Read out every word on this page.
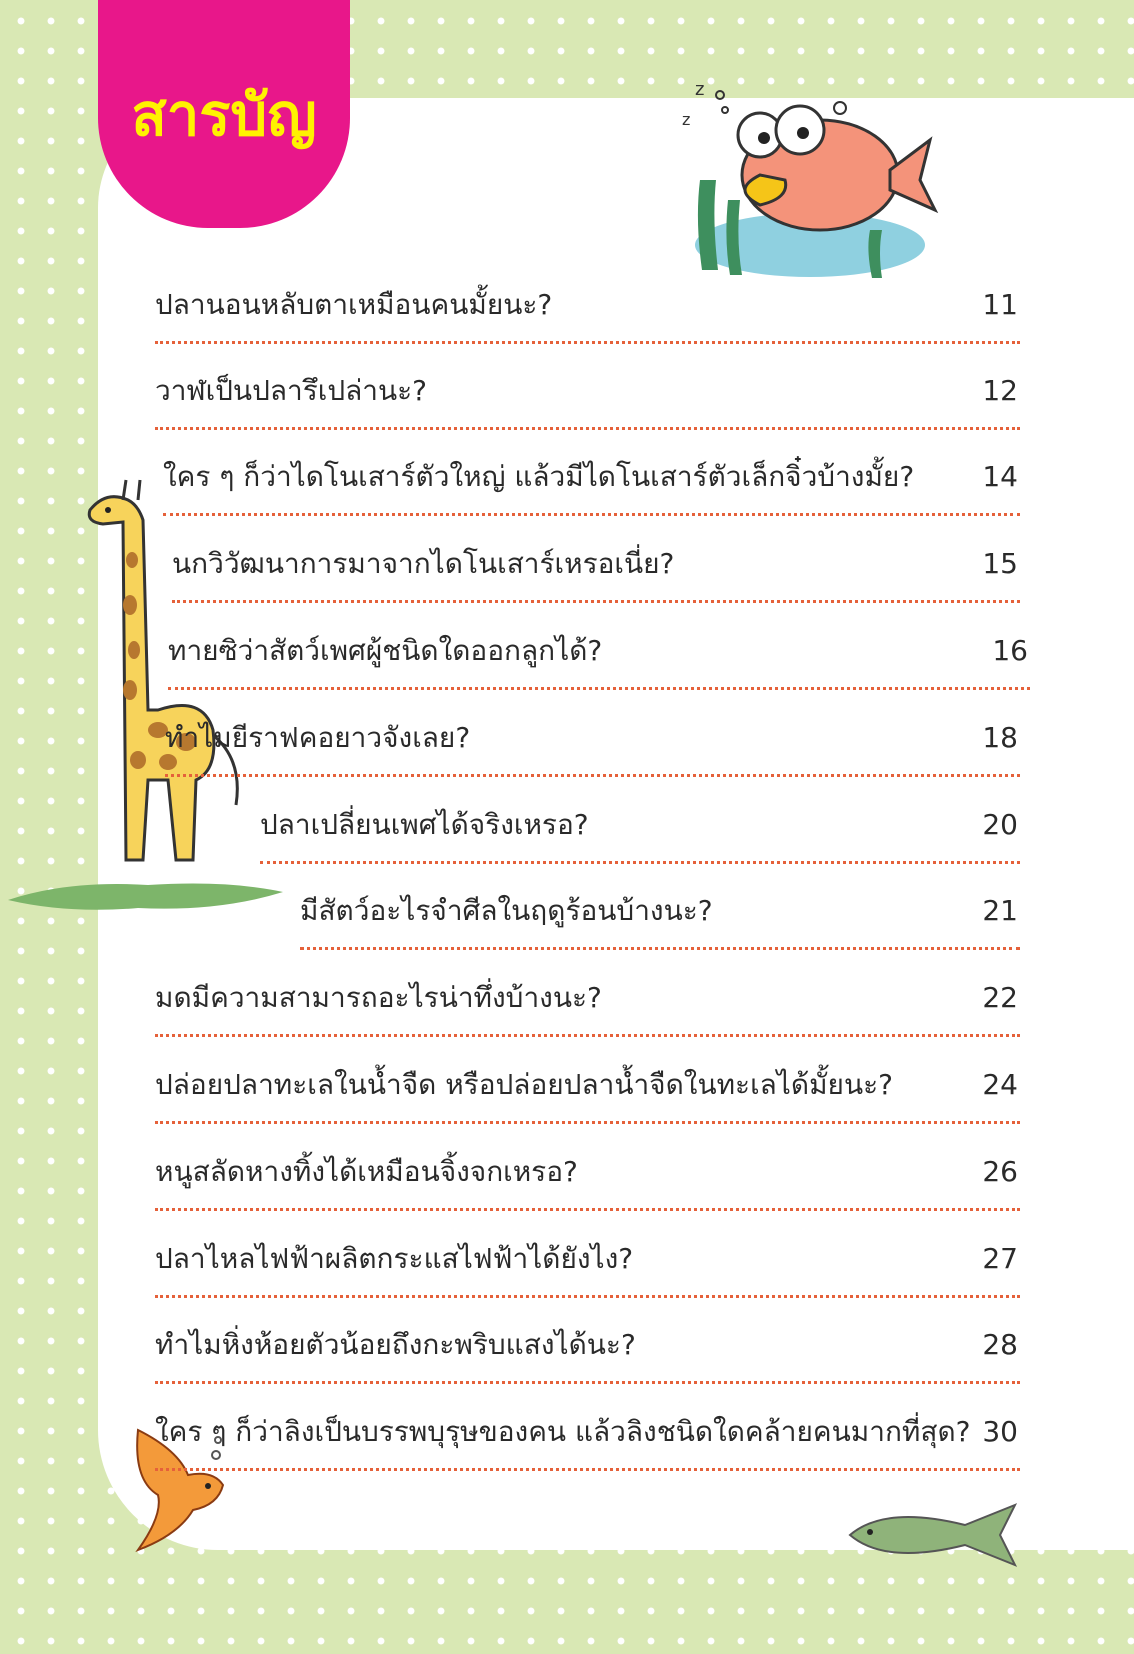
สารบัญ	z
z
ปลานอนหลับตาเหมือนคนมั้ยนะ?	11
วาฬเป็นปลารึเปล่านะ?	12
ใคร ๆ ก็ว่าไดโนเสาร์ตัวใหญ่ แล้วมีไดโนเสาร์ตัวเล็กจิ๋วบ้างมั้ย? 14
นกวิวัฒนาการมาจากไดโนเสาร์เหรอเนี่ย?	15
ทายซิว่าสัตว์เพศผู้ชนิดใดออกลูกได้?	16
ทำไมยีราฟคอยาวจังเลย?	18
ปลาเปลี่ยนเพศได้จริงเหรอ?	20
มีสัตว์อะไรจำศีลในฤดูร้อนบ้างนะ?	21
มดมีความสามารถอะไรน่าทึ่งบ้างนะ?	22
ปล่อยปลาทะเลในน้ำจืด หรือปล่อยปลาน้ำจืดในทะเลได้มั้ยนะ?	24
หนูสลัดหางทิ้งได้เหมือนจิ้งจกเหรอ?	26
ปลาไหลไฟฟ้าผลิตกระแสไฟฟ้าได้ยังไง?	27
ทำไมหิ่งห้อยตัวน้อยถึงกะพริบแสงได้นะ?	28
ใคร ๆ ก็ว่าลิงเป็นบรรพบุรุษของคน แล้วลิงชนิดใดคล้ายคนมากที่สุด? 30
